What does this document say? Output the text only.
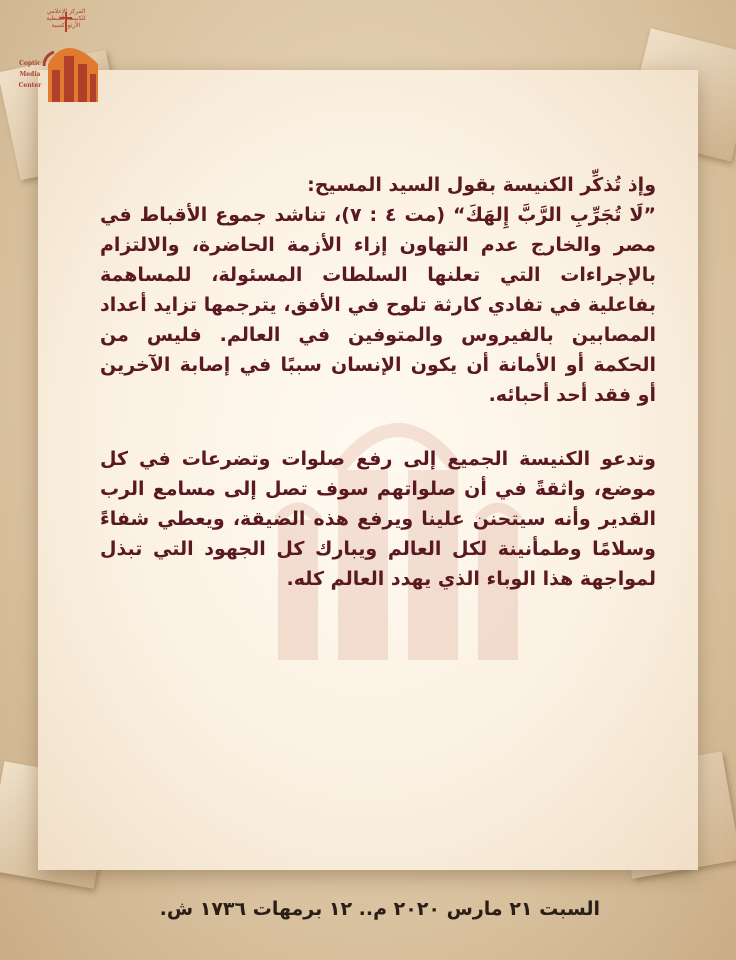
المركز الإعلامي
للكنيسة القبطية الأرثوذكسية
Coptic
Media
Center

وإذ تُذكِّر الكنيسة بقول السيد المسيح:
”لَا تُجَرِّبِ الرَّبَّ إِلهَكَ“ (مت ٤ : ٧)، تناشد جموع الأقباط في مصر والخارج عدم التهاون إزاء الأزمة الحاضرة، والالتزام بالإجراءات التي تعلنها السلطات المسئولة، للمساهمة بفاعلية في تفادي كارثة تلوح في الأفق، يترجمها تزايد أعداد المصابين بالفيروس والمتوفين في العالم. فليس من الحكمة أو الأمانة أن يكون الإنسان سببًا في إصابة الآخرين أو فقد أحد أحبائه.

وتدعو الكنيسة الجميع إلى رفع صلوات وتضرعات في كل موضع، واثقةً في أن صلواتهم سوف تصل إلى مسامع الرب القدير وأنه سيتحنن علينا ويرفع هذه الضيقة، ويعطي شفاءً وسلامًا وطمأنينة لكل العالم ويبارك كل الجهود التي تبذل لمواجهة هذا الوباء الذي يهدد العالم كله.

السبت ٢١ مارس ٢٠٢٠ م.. ١٢ برمهات ١٧٣٦ ش.
